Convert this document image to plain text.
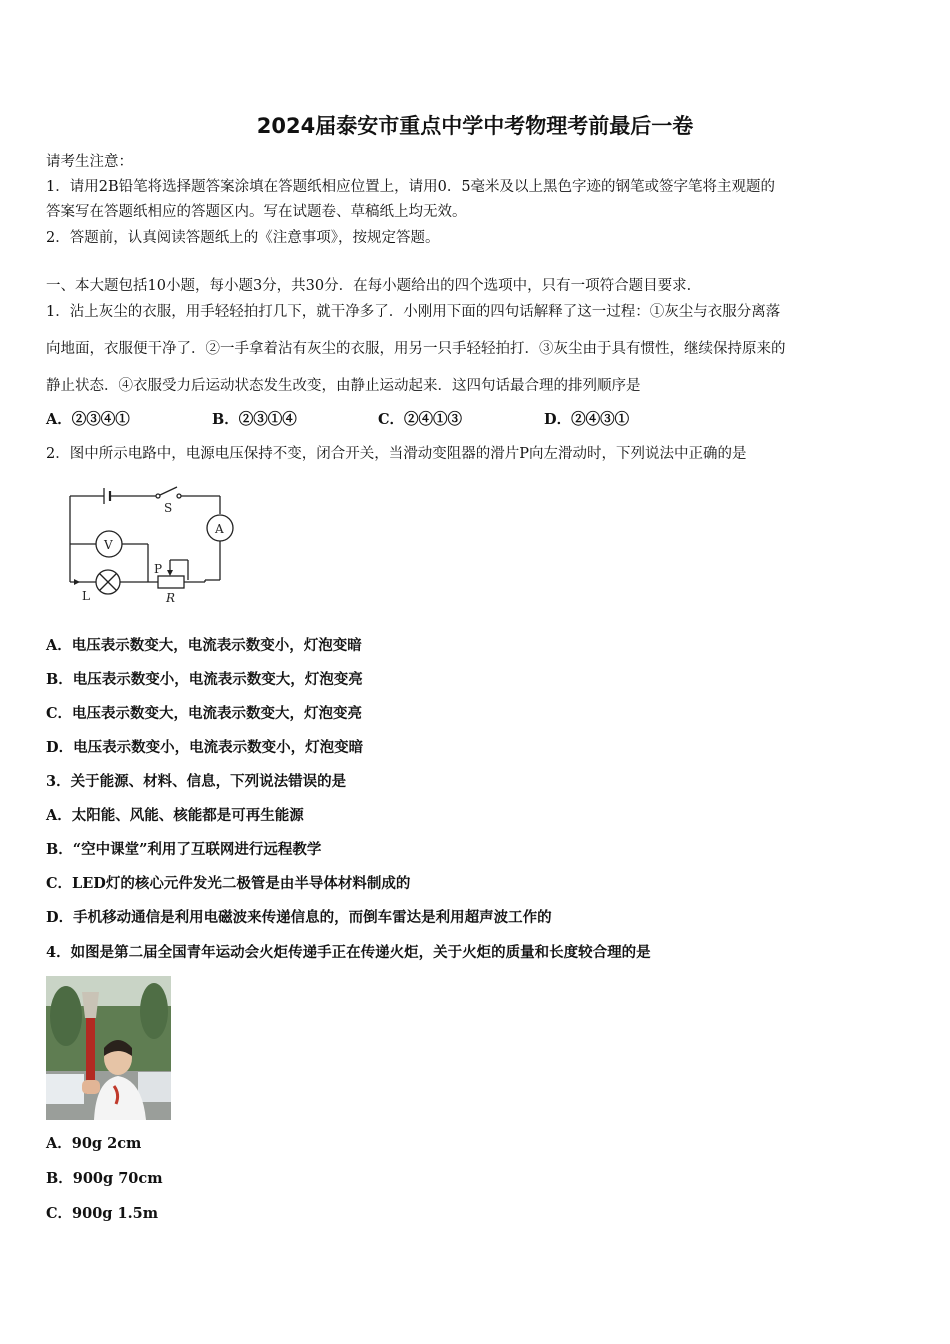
2024届泰安市重点中学中考物理考前最后一卷
请考生注意：
1．请用2B铅笔将选择题答案涂填在答题纸相应位置上，请用0．5毫米及以上黑色字迹的钢笔或签字笔将主观题的
答案写在答题纸相应的答题区内。写在试题卷、草稿纸上均无效。
2．答题前，认真阅读答题纸上的《注意事项》，按规定答题。
一、本大题包括10小题，每小题3分，共30分．在每小题给出的四个选项中，只有一项符合题目要求．
1．沾上灰尘的衣服，用手轻轻拍打几下，就干净多了．小刚用下面的四句话解释了这一过程：①灰尘与衣服分离落
向地面，衣服便干净了．②一手拿着沾有灰尘的衣服，用另一只手轻轻拍打．③灰尘由于具有惯性，继续保持原来的
静止状态．④衣服受力后运动状态发生改变，由静止运动起来．这四句话最合理的排列顺序是
A．②③④①	B．②③①④	C．②④①③	D．②④③①
2．图中所示电路中，电源电压保持不变，闭合开关，当滑动变阻器的滑片P向左滑动时，下列说法中正确的是
S
A
V
P
L	R
A．电压表示数变大，电流表示数变小，灯泡变暗
B．电压表示数变小，电流表示数变大，灯泡变亮
C．电压表示数变大，电流表示数变大，灯泡变亮
D．电压表示数变小，电流表示数变小，灯泡变暗
3．关于能源、材料、信息，下列说法错误的是
A．太阳能、风能、核能都是可再生能源
B．“空中课堂”利用了互联网进行远程教学
C．LED灯的核心元件发光二极管是由半导体材料制成的
D．手机移动通信是利用电磁波来传递信息的，而倒车雷达是利用超声波工作的
4．如图是第二届全国青年运动会火炬传递手正在传递火炬，关于火炬的质量和长度较合理的是
A．90g 2cm
B．900g 70cm
C．900g 1.5m
